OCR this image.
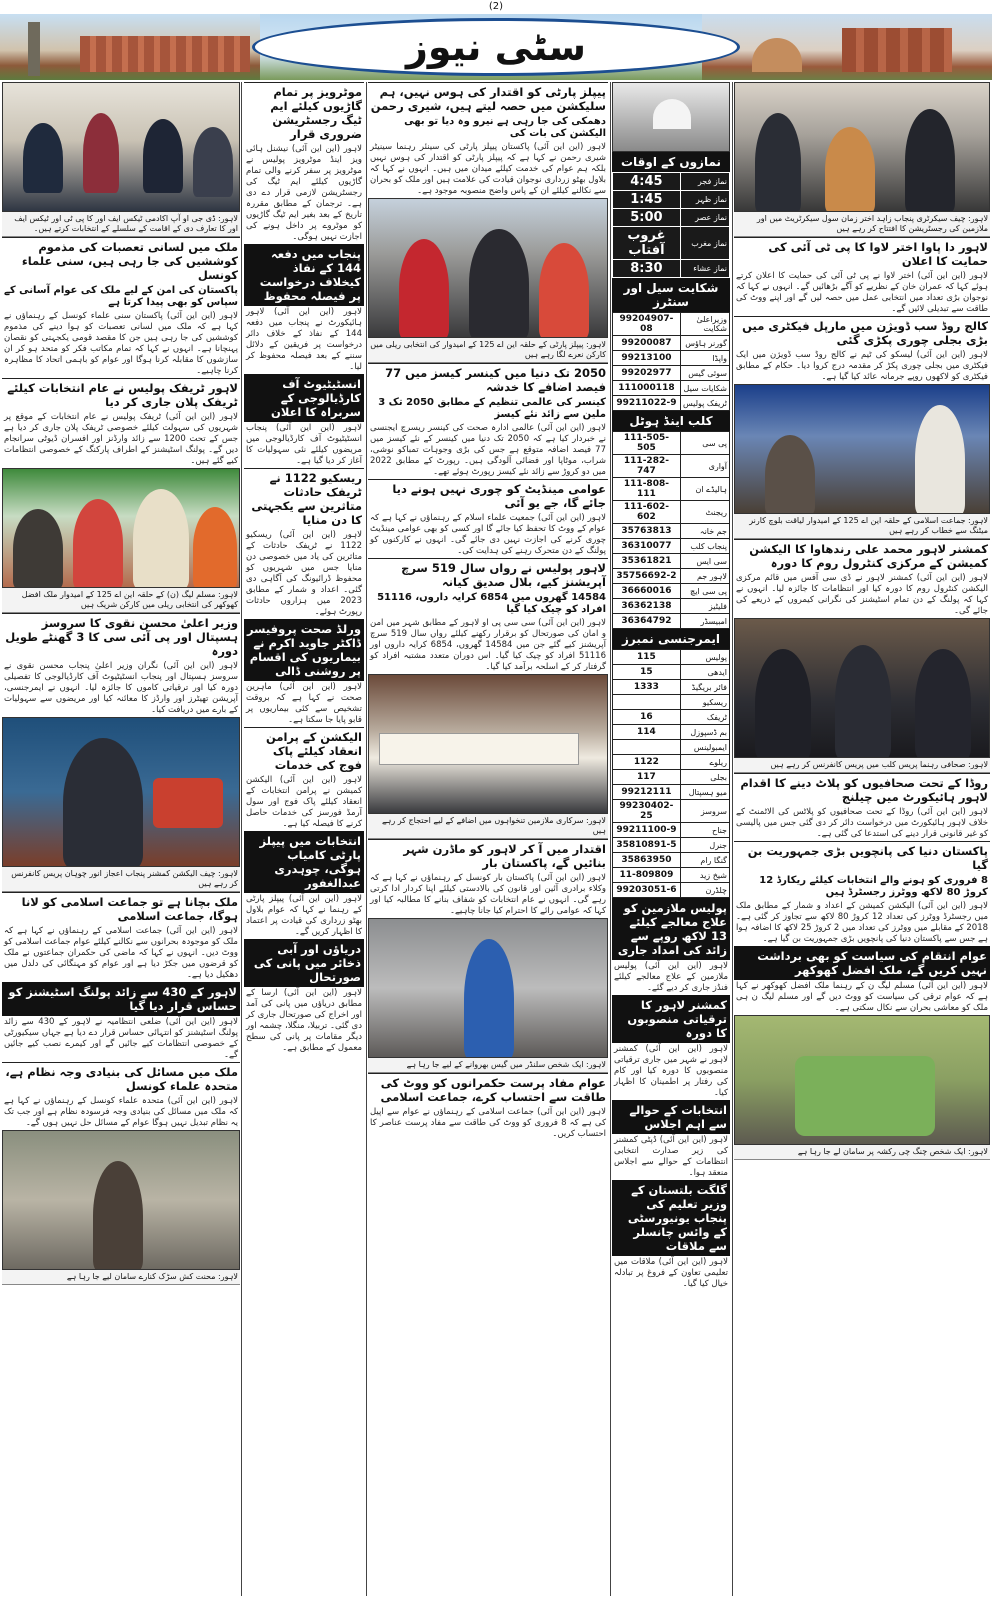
(2)
سٹی نیوز
لاہور: ڈی جی او آپ اکادمی ٹیکس ایف اور کا پی ٹی اور ٹیکس ایف اور کا تعارف دی کے اقامت کے سلسلے کے انتخابات کرتے ہیں۔
ملک میں لسانی تعصبات کی مذموم کوششیں کی جا رہی ہیں، سنی علماء کونسل
پاکستان کی امن کے لیے ملک کی عوام آسانی کے سپاس کو بھی پیدا کرتا ہے
لاہور (این این آئی) پاکستان سنی علماء کونسل کے رہنماؤں نے کہا ہے کہ ملک میں لسانی تعصبات کو ہوا دینے کی مذموم کوششیں کی جا رہی ہیں جن کا مقصد قومی یکجہتی کو نقصان پہنچانا ہے۔ انہوں نے کہا کہ تمام مکاتب فکر کو متحد ہو کر ان سازشوں کا مقابلہ کرنا ہوگا اور عوام کو باہمی اتحاد کا مظاہرہ کرنا چاہیے۔
لاہور ٹریفک پولیس نے عام انتخابات کیلئے ٹریفک پلان جاری کر دیا
لاہور (این این آئی) ٹریفک پولیس نے عام انتخابات کے موقع پر شہریوں کی سہولت کیلئے خصوصی ٹریفک پلان جاری کر دیا ہے جس کے تحت 1200 سے زائد وارڈنز اور افسران ڈیوٹی سرانجام دیں گے۔ پولنگ اسٹیشنز کے اطراف پارکنگ کے خصوصی انتظامات کیے گئے ہیں۔
لاہور: مسلم لیگ (ن) کے حلقہ این اے 125 کے امیدوار ملک افضل کھوکھر کی انتخابی ریلی میں کارکن شریک ہیں
وزیر اعلیٰ محسن نقوی کا سروسز ہسپتال اور پی آئی سی کا 3 گھنٹے طویل دورہ
لاہور (این این آئی) نگران وزیر اعلیٰ پنجاب محسن نقوی نے سروسز ہسپتال اور پنجاب انسٹیٹیوٹ آف کارڈیالوجی کا تفصیلی دورہ کیا اور ترقیاتی کاموں کا جائزہ لیا۔ انہوں نے ایمرجنسی، آپریشن تھیٹرز اور وارڈز کا معائنہ کیا اور مریضوں سے سہولیات کے بارے میں دریافت کیا۔
لاہور: چیف الیکشن کمشنر پنجاب اعجاز انور چوہان پریس کانفرنس کر رہے ہیں
ملک بچانا ہے تو جماعت اسلامی کو لانا ہوگا، جماعت اسلامی
لاہور (این این آئی) جماعت اسلامی کے رہنماؤں نے کہا ہے کہ ملک کو موجودہ بحرانوں سے نکالنے کیلئے عوام جماعت اسلامی کو ووٹ دیں۔ انہوں نے کہا کہ ماضی کی حکمران جماعتوں نے ملک کو قرضوں میں جکڑ دیا ہے اور عوام کو مہنگائی کی دلدل میں دھکیل دیا ہے۔
لاہور کے 430 سے زائد پولنگ اسٹیشنز کو حساس قرار دیا گیا
لاہور (این این آئی) ضلعی انتظامیہ نے لاہور کے 430 سے زائد پولنگ اسٹیشنز کو انتہائی حساس قرار دے دیا ہے جہاں سیکیورٹی کے خصوصی انتظامات کیے جائیں گے اور کیمرے نصب کیے جائیں گے۔
ملک میں مسائل کی بنیادی وجہ نظام ہے، متحدہ علماء کونسل
لاہور (این این آئی) متحدہ علماء کونسل کے رہنماؤں نے کہا ہے کہ ملک میں مسائل کی بنیادی وجہ فرسودہ نظام ہے اور جب تک یہ نظام تبدیل نہیں ہوگا عوام کے مسائل حل نہیں ہوں گے۔
لاہور: محنت کش سڑک کنارے سامان لیے جا رہا ہے
موٹرویز پر تمام گاڑیوں کیلئے ایم ٹیگ رجسٹریشن ضروری قرار
لاہور (این این آئی) نیشنل ہائی ویز اینڈ موٹرویز پولیس نے موٹرویز پر سفر کرنے والی تمام گاڑیوں کیلئے ایم ٹیگ کی رجسٹریشن لازمی قرار دے دی ہے۔ ترجمان کے مطابق مقررہ تاریخ کے بعد بغیر ایم ٹیگ گاڑیوں کو موٹروے پر داخل ہونے کی اجازت نہیں ہوگی۔
پنجاب میں دفعہ 144 کے نفاذ کیخلاف درخواست پر فیصلہ محفوظ
لاہور (این این آئی) لاہور ہائیکورٹ نے پنجاب میں دفعہ 144 کے نفاذ کے خلاف دائر درخواست پر فریقین کے دلائل سننے کے بعد فیصلہ محفوظ کر لیا۔
انسٹیٹیوٹ آف کارڈیالوجی کے سربراہ کا اعلان
لاہور (این این آئی) پنجاب انسٹیٹیوٹ آف کارڈیالوجی میں مریضوں کیلئے نئی سہولیات کا آغاز کر دیا گیا ہے۔
ریسکیو 1122 نے ٹریفک حادثات متاثرین سے یکجہتی کا دن منایا
لاہور (این این آئی) ریسکیو 1122 نے ٹریفک حادثات کے متاثرین کی یاد میں خصوصی دن منایا جس میں شہریوں کو محفوظ ڈرائیونگ کی آگاہی دی گئی۔ اعداد و شمار کے مطابق 2023 میں ہزاروں حادثات رپورٹ ہوئے۔
ورلڈ صحت پروفیسر ڈاکٹر جاوید اکرم نے بیماریوں کی اقسام پر روشنی ڈالی
لاہور (این این آئی) ماہرین صحت نے کہا ہے کہ بروقت تشخیص سے کئی بیماریوں پر قابو پایا جا سکتا ہے۔
الیکشن کے پرامن انعقاد کیلئے پاک فوج کی خدمات
لاہور (این این آئی) الیکشن کمیشن نے پرامن انتخابات کے انعقاد کیلئے پاک فوج اور سول آرمڈ فورسز کی خدمات حاصل کرنے کا فیصلہ کیا ہے۔
انتخابات میں پیپلز پارٹی کامیاب ہوگی، چوہدری عبدالغفور
لاہور (این این آئی) پیپلز پارٹی کے رہنما نے کہا کہ عوام بلاول بھٹو زرداری کی قیادت پر اعتماد کا اظہار کریں گے۔
دریاؤں اور آبی ذخائر میں پانی کی صورتحال
لاہور (این این آئی) ارسا کے مطابق دریاؤں میں پانی کی آمد اور اخراج کی صورتحال جاری کر دی گئی۔ تربیلا، منگلا، چشمہ اور دیگر مقامات پر پانی کی سطح معمول کے مطابق ہے۔
پیپلز پارٹی کو اقتدار کی ہوس نہیں، ہم سلیکشن میں حصہ لیتے ہیں، شیری رحمن
دھمکی کی جا رہی ہے نیرو وہ دیا تو بھی الیکشن کی بات کی
لاہور (این این آئی) پاکستان پیپلز پارٹی کی سینئر رہنما سینیٹر شیری رحمن نے کہا ہے کہ پیپلز پارٹی کو اقتدار کی ہوس نہیں بلکہ ہم عوام کی خدمت کیلئے میدان میں ہیں۔ انہوں نے کہا کہ بلاول بھٹو زرداری نوجوان قیادت کی علامت ہیں اور ملک کو بحران سے نکالنے کیلئے ان کے پاس واضح منصوبہ موجود ہے۔
لاہور: پیپلز پارٹی کے حلقہ این اے 125 کے امیدوار کی انتخابی ریلی میں کارکن نعرے لگا رہے ہیں
2050 تک دنیا میں کینسر کیسز میں 77 فیصد اضافے کا خدشہ
کینسر کی عالمی تنظیم کے مطابق 2050 تک 3 ملین سے زائد نئے کیسز
لاہور (این این آئی) عالمی ادارہ صحت کی کینسر ریسرچ ایجنسی نے خبردار کیا ہے کہ 2050 تک دنیا میں کینسر کے نئے کیسز میں 77 فیصد اضافہ متوقع ہے جس کی بڑی وجوہات تمباکو نوشی، شراب، موٹاپا اور فضائی آلودگی ہیں۔ رپورٹ کے مطابق 2022 میں دو کروڑ سے زائد نئے کیسز رپورٹ ہوئے تھے۔
عوامی مینڈیٹ کو چوری نہیں ہونے دیا جائے گا، جے یو آئی
لاہور (این این آئی) جمعیت علماء اسلام کے رہنماؤں نے کہا ہے کہ عوام کے ووٹ کا تحفظ کیا جائے گا اور کسی کو بھی عوامی مینڈیٹ چوری کرنے کی اجازت نہیں دی جائے گی۔ انہوں نے کارکنوں کو پولنگ کے دن متحرک رہنے کی ہدایت کی۔
لاہور پولیس نے رواں سال 519 سرچ آپریشنز کیے، بلال صدیق کیانہ
14584 گھروں میں 6854 کرایہ داروں، 51116 افراد کو چیک کیا گیا
لاہور (این این آئی) سی سی پی او لاہور کے مطابق شہر میں امن و امان کی صورتحال کو برقرار رکھنے کیلئے رواں سال 519 سرچ آپریشنز کیے گئے جن میں 14584 گھروں، 6854 کرایہ داروں اور 51116 افراد کو چیک کیا گیا۔ اس دوران متعدد مشتبہ افراد کو گرفتار کر کے اسلحہ برآمد کیا گیا۔
لاہور: سرکاری ملازمین تنخواہوں میں اضافے کے لیے احتجاج کر رہے ہیں
اقتدار میں آ کر لاہور کو ماڈرن شہر بنائیں گے، پاکستان بار
لاہور (این این آئی) پاکستان بار کونسل کے رہنماؤں نے کہا ہے کہ وکلاء برادری آئین اور قانون کی بالادستی کیلئے اپنا کردار ادا کرتی رہے گی۔ انہوں نے عام انتخابات کو شفاف بنانے کا مطالبہ کیا اور کہا کہ عوامی رائے کا احترام کیا جانا چاہیے۔
لاہور: ایک شخص سلنڈر میں گیس بھروانے کے لیے جا رہا ہے
عوام مفاد پرست حکمرانوں کو ووٹ کی طاقت سے احتساب کرے، جماعت اسلامی
لاہور (این این آئی) جماعت اسلامی کے رہنماؤں نے عوام سے اپیل کی ہے کہ 8 فروری کو ووٹ کی طاقت سے مفاد پرست عناصر کا احتساب کریں۔
نمازوں کے اوقات
4:45	نماز فجر
1:45	نماز ظہر
5:00	نماز عصر
غروب آفتاب	نماز مغرب
8:30	نماز عشاء
شکایت سیل اور سنٹرز
99204907-08	وزیراعلیٰ شکایت
99200087	گورنر ہاؤس
99213100	واپڈا
99202977	سوئی گیس
111000118	شکایات سیل
99211022-9	ٹریفک پولیس
کلب اینڈ ہوٹل
111-505-505	پی سی
111-282-747	آواری
111-808-111	ہالیڈے ان
111-602-602	ریجنٹ
35763813	جم خانہ
36310077	پنجاب کلب
35361821	سی ایس
35756692-2	لاہور جم
36660016	پی سی ایچ
36362138	فلیٹیز
36364792	امبیسڈر
ایمرجنسی نمبرز
115	پولیس
15	ایدھی
1333	فائر بریگیڈ
	ریسکیو
16	ٹریفک
114	بم ڈسپوزل
	ایمبولینس
1122	ریلوے
117	بجلی
99212111	میو ہسپتال
99230402-25	سروسز
99211100-9	جناح
35810891-5	جنرل
35863950	گنگا رام
11-809809	شیخ زید
99203051-6	چلڈرن
پولیس ملازمین کو علاج معالجے کیلئے 13 لاکھ روپے سے زائد کی امداد جاری
لاہور (این این آئی) پولیس ملازمین کے علاج معالجے کیلئے فنڈز جاری کر دیے گئے۔
کمشنر لاہور کا ترقیاتی منصوبوں کا دورہ
لاہور (این این آئی) کمشنر لاہور نے شہر میں جاری ترقیاتی منصوبوں کا دورہ کیا اور کام کی رفتار پر اطمینان کا اظہار کیا۔
انتخابات کے حوالے سے اہم اجلاس
لاہور (این این آئی) ڈپٹی کمشنر کی زیر صدارت انتخابی انتظامات کے حوالے سے اجلاس منعقد ہوا۔
گلگت بلتستان کے وزیر تعلیم کی پنجاب یونیورسٹی کے وائس چانسلر سے ملاقات
لاہور (این این آئی) ملاقات میں تعلیمی تعاون کے فروغ پر تبادلہ خیال کیا گیا۔
لاہور: چیف سیکرٹری پنجاب زاہد اختر زمان سول سیکرٹریٹ میں اور ملازمین کی رجسٹریشن کا افتتاح کر رہے ہیں
لاہور دا پاوا اختر لاوا کا پی ٹی آئی کی حمایت کا اعلان
لاہور (این این آئی) اختر لاوا نے پی ٹی آئی کی حمایت کا اعلان کرتے ہوئے کہا کہ عمران خان کے نظریے کو آگے بڑھائیں گے۔ انہوں نے کہا کہ نوجوان بڑی تعداد میں انتخابی عمل میں حصہ لیں گے اور اپنے ووٹ کی طاقت سے تبدیلی لائیں گے۔
کالج روڈ سب ڈویژن میں مارپل فیکٹری میں بڑی بجلی چوری پکڑی گئی
لاہور (این این آئی) لیسکو کی ٹیم نے کالج روڈ سب ڈویژن میں ایک فیکٹری میں بجلی چوری پکڑ کر مقدمہ درج کروا دیا۔ حکام کے مطابق فیکٹری کو لاکھوں روپے جرمانہ عائد کیا گیا ہے۔
لاہور: جماعت اسلامی کے حلقہ این اے 125 کے امیدوار لیاقت بلوچ کارنر میٹنگ سے خطاب کر رہے ہیں
کمشنر لاہور محمد علی رندھاوا کا الیکشن کمیشن کے مرکزی کنٹرول روم کا دورہ
لاہور (این این آئی) کمشنر لاہور نے ڈی سی آفس میں قائم مرکزی الیکشن کنٹرول روم کا دورہ کیا اور انتظامات کا جائزہ لیا۔ انہوں نے کہا کہ پولنگ کے دن تمام اسٹیشنز کی نگرانی کیمروں کے ذریعے کی جائے گی۔
لاہور: صحافی رہنما پریس کلب میں پریس کانفرنس کر رہے ہیں
روڈا کے تحت صحافیوں کو پلاٹ دینے کا اقدام لاہور ہائیکورٹ میں چیلنج
لاہور (این این آئی) روڈا کے تحت صحافیوں کو پلاٹس کی الاٹمنٹ کے خلاف لاہور ہائیکورٹ میں درخواست دائر کر دی گئی جس میں پالیسی کو غیر قانونی قرار دینے کی استدعا کی گئی ہے۔
پاکستان دنیا کی پانچویں بڑی جمہوریت بن گیا
8 فروری کو ہونے والے انتخابات کیلئے ریکارڈ 12 کروڑ 80 لاکھ ووٹرز رجسٹرڈ ہیں
لاہور (این این آئی) الیکشن کمیشن کے اعداد و شمار کے مطابق ملک میں رجسٹرڈ ووٹرز کی تعداد 12 کروڑ 80 لاکھ سے تجاوز کر گئی ہے۔ 2018 کے مقابلے میں ووٹرز کی تعداد میں 2 کروڑ 25 لاکھ کا اضافہ ہوا ہے جس سے پاکستان دنیا کی پانچویں بڑی جمہوریت بن گیا ہے۔
عوام انتقام کی سیاست کو بھی برداشت نہیں کریں گے، ملک افضل کھوکھر
لاہور (این این آئی) مسلم لیگ ن کے رہنما ملک افضل کھوکھر نے کہا ہے کہ عوام ترقی کی سیاست کو ووٹ دیں گے اور مسلم لیگ ن ہی ملک کو معاشی بحران سے نکال سکتی ہے۔
لاہور: ایک شخص چنگ چی رکشہ پر سامان لے جا رہا ہے
